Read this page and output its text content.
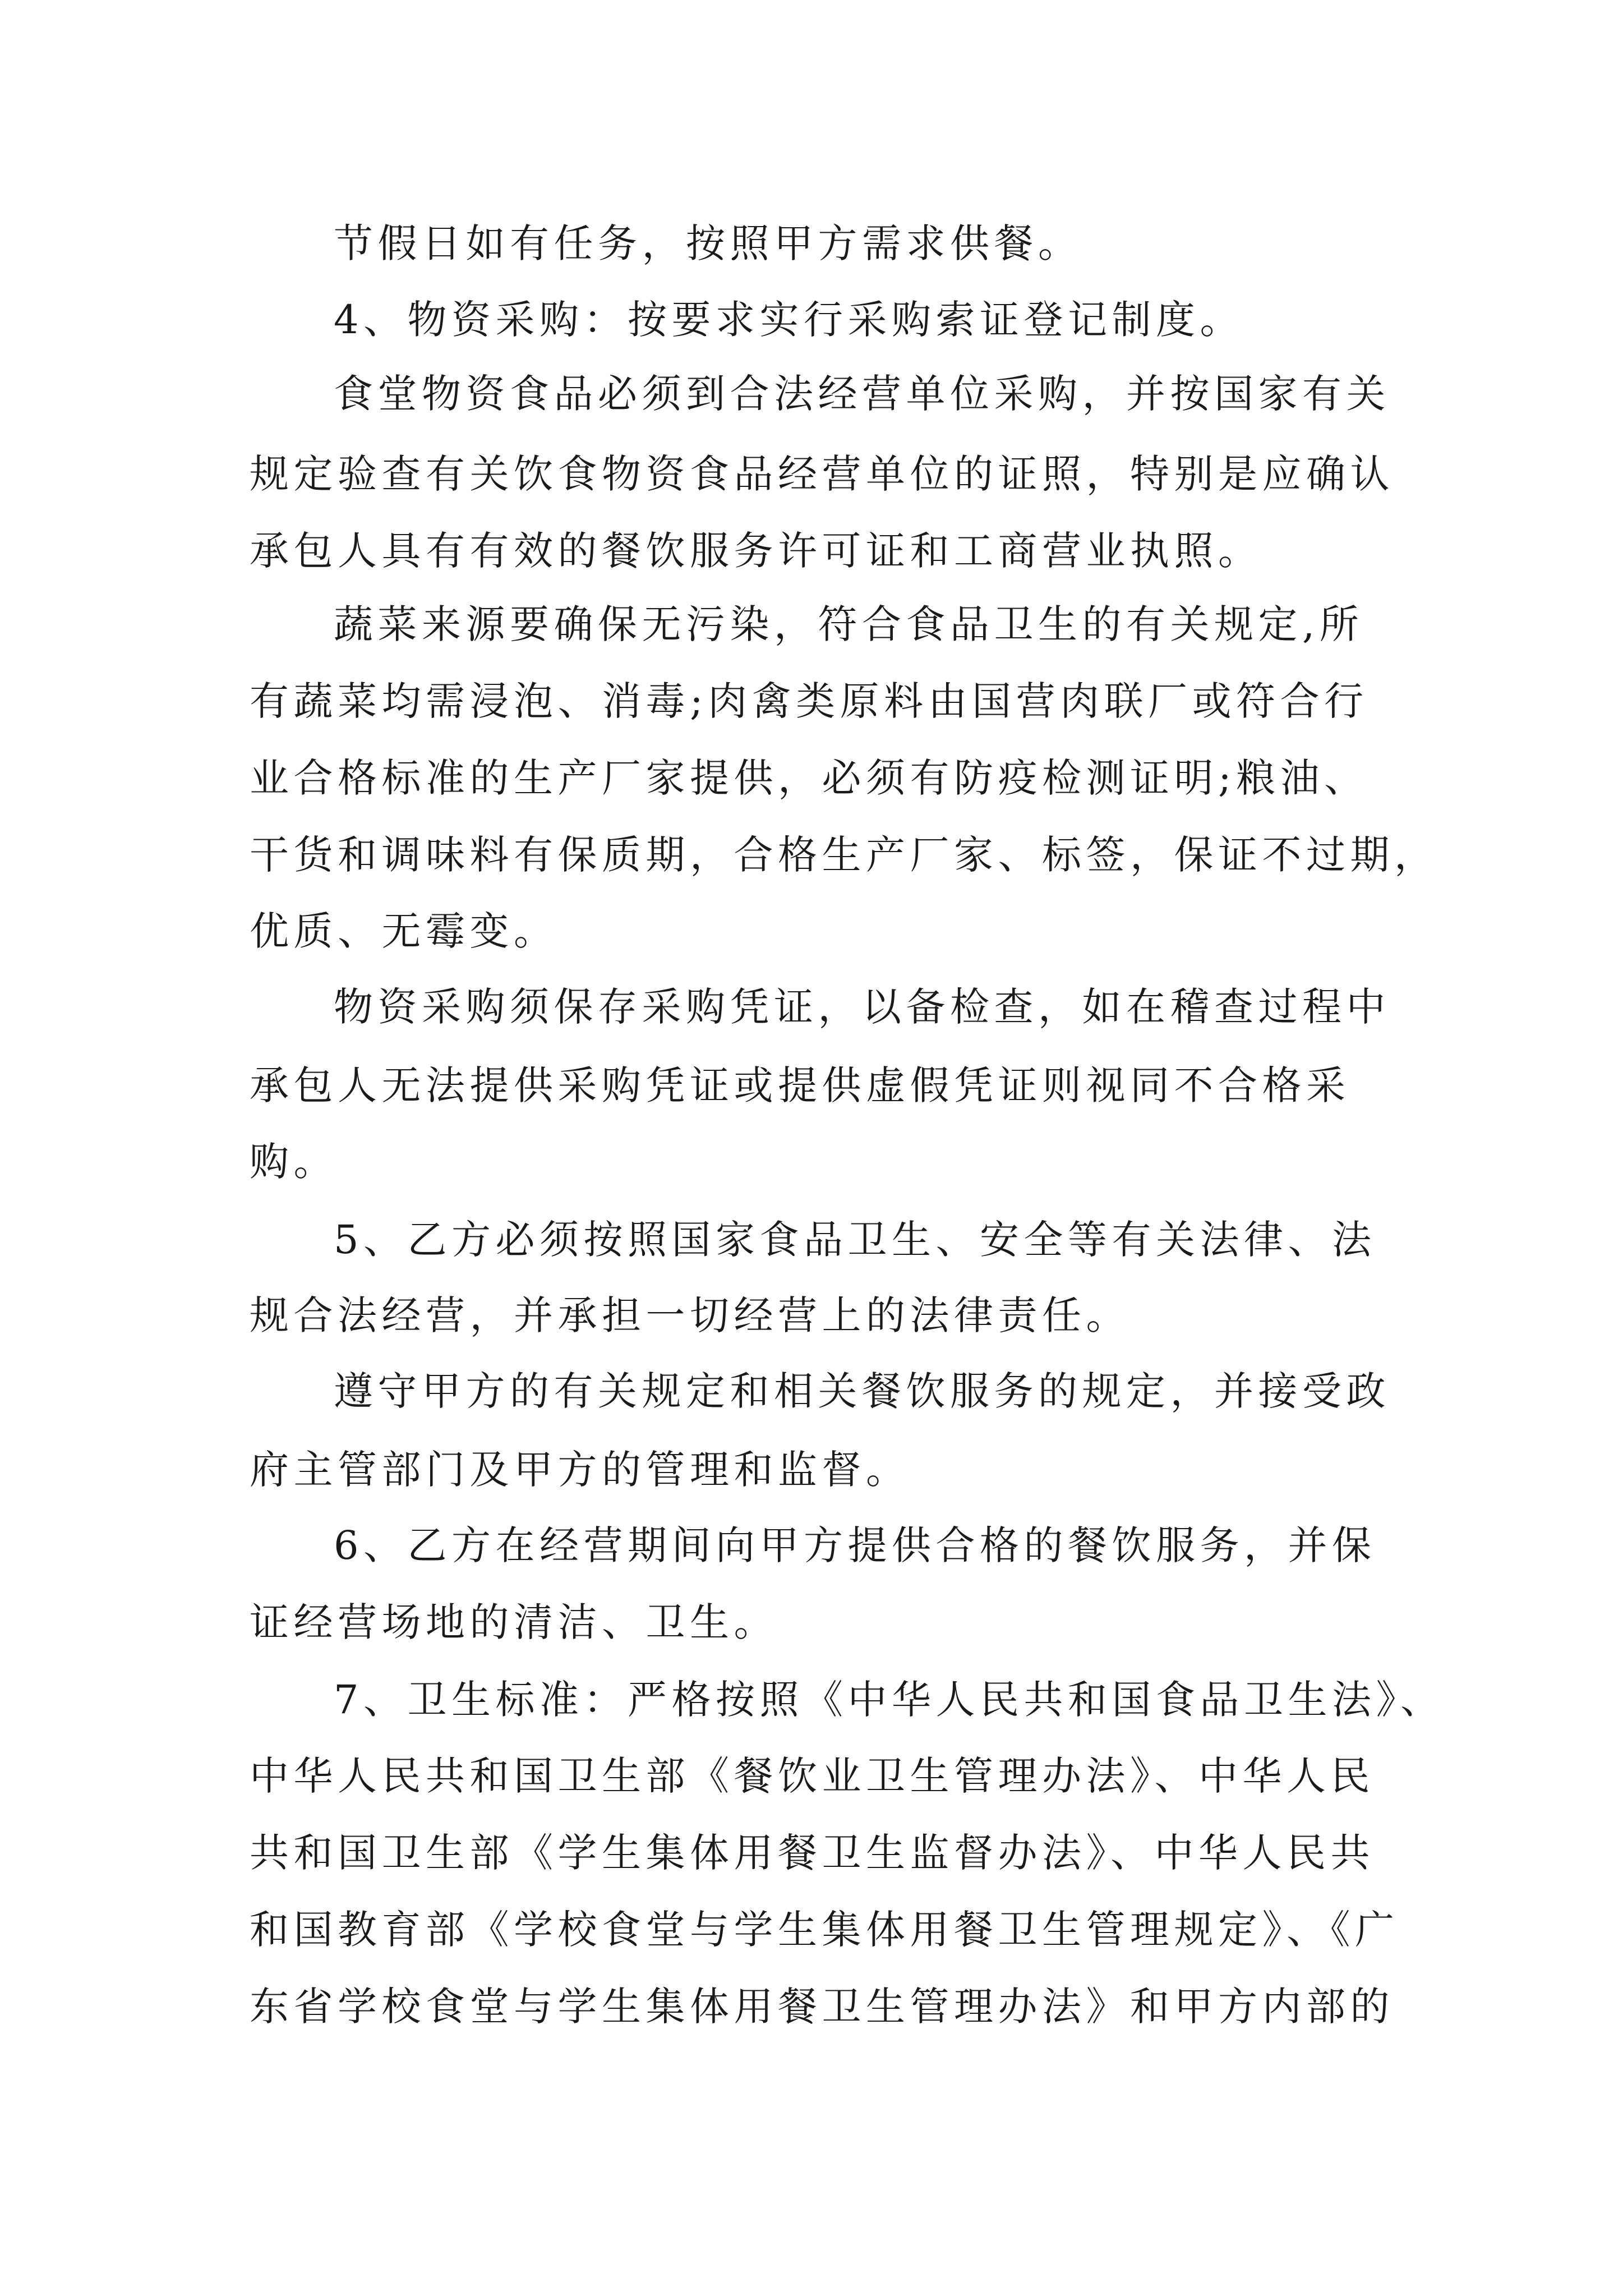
节假日如有任务，按照甲方需求供餐。
4、物资采购：按要求实行采购索证登记制度。
食堂物资食品必须到合法经营单位采购，并按国家有关
规定验查有关饮食物资食品经营单位的证照，特别是应确认
承包人具有有效的餐饮服务许可证和工商营业执照。
蔬菜来源要确保无污染，符合食品卫生的有关规定,所
有蔬菜均需浸泡、消毒;肉禽类原料由国营肉联厂或符合行
业合格标准的生产厂家提供，必须有防疫检测证明;粮油、
干货和调味料有保质期，合格生产厂家、标签，保证不过期，
优质、无霉变。
物资采购须保存采购凭证，以备检查，如在稽查过程中
承包人无法提供采购凭证或提供虚假凭证则视同不合格采
购。
5、乙方必须按照国家食品卫生、安全等有关法律、法
规合法经营，并承担一切经营上的法律责任。
遵守甲方的有关规定和相关餐饮服务的规定，并接受政
府主管部门及甲方的管理和监督。
6、乙方在经营期间向甲方提供合格的餐饮服务，并保
证经营场地的清洁、卫生。
7、卫生标准：严格按照《中华人民共和国食品卫生法》、
中华人民共和国卫生部《餐饮业卫生管理办法》、中华人民
共和国卫生部《学生集体用餐卫生监督办法》、中华人民共
和国教育部《学校食堂与学生集体用餐卫生管理规定》、《广
东省学校食堂与学生集体用餐卫生管理办法》和甲方内部的
